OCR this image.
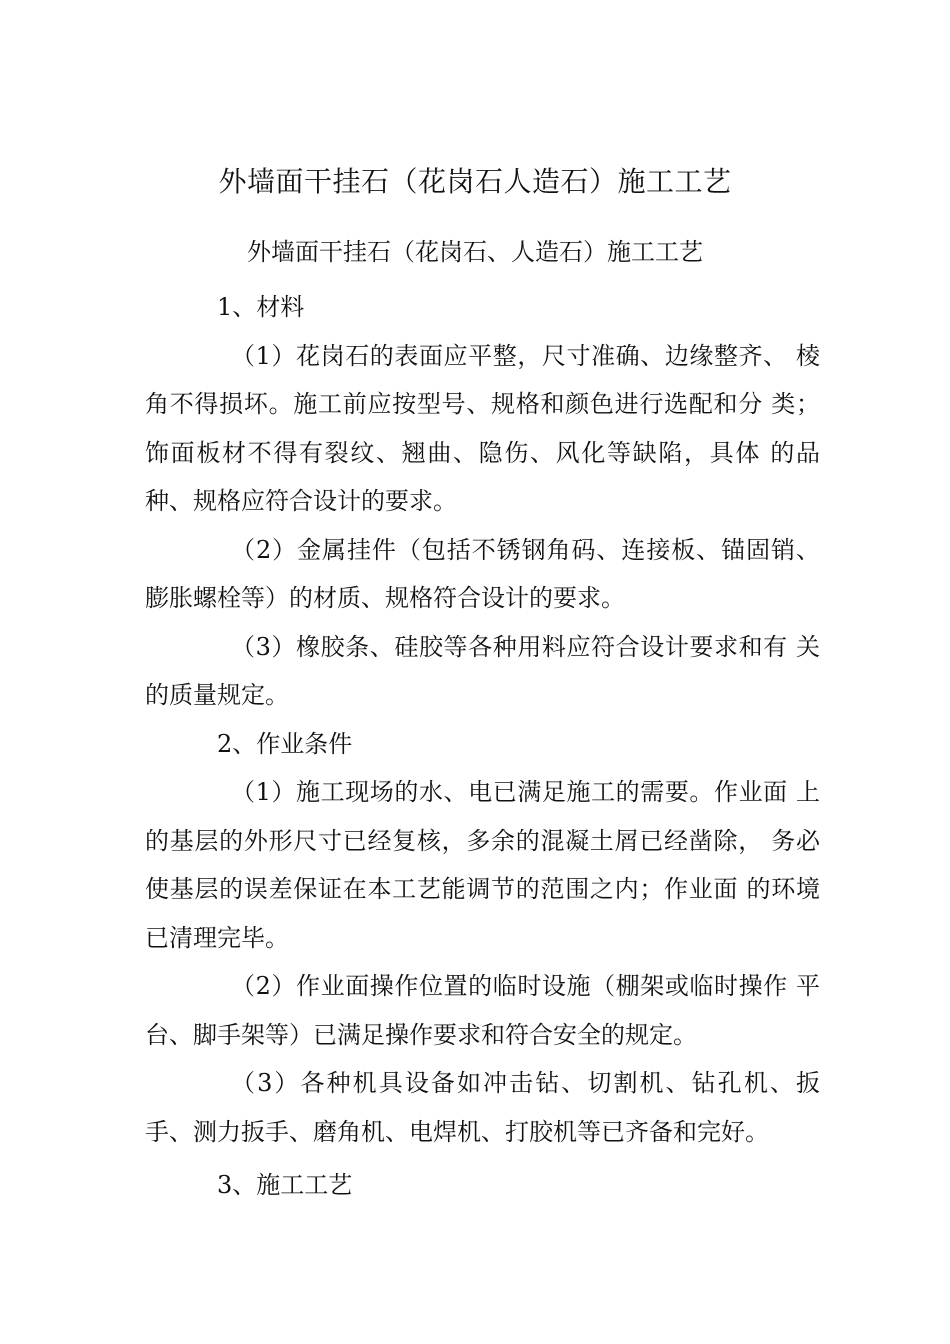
外墙面干挂石（花岗石人造石）施工工艺
外墙面干挂石（花岗石、人造石）施工工艺
1、材料

（1）花岗石的表面应平整，尺寸准确、边缘整齐、 棱角不得损坏。施工前应按型号、规格和颜色进行选配和分 类；饰面板材不得有裂纹、翘曲、隐伤、风化等缺陷，具体 的品种、规格应符合设计的要求。

（2）金属挂件（包括不锈钢角码、连接板、锚固销、膨胀螺栓等）的材质、规格符合设计的要求。

（3）橡胶条、硅胶等各种用料应符合设计要求和有 关的质量规定。

2、作业条件

（1）施工现场的水、电已满足施工的需要。作业面 上的基层的外形尺寸已经复核，多余的混凝土屑已经凿除， 务必使基层的误差保证在本工艺能调节的范围之内；作业面 的环境已清理完毕。

（2）作业面操作位置的临时设施（棚架或临时操作 平台、脚手架等）已满足操作要求和符合安全的规定。

（3）各种机具设备如冲击钻、切割机、钻孔机、扳手、测力扳手、磨角机、电焊机、打胶机等已齐备和完好。

3、施工工艺
